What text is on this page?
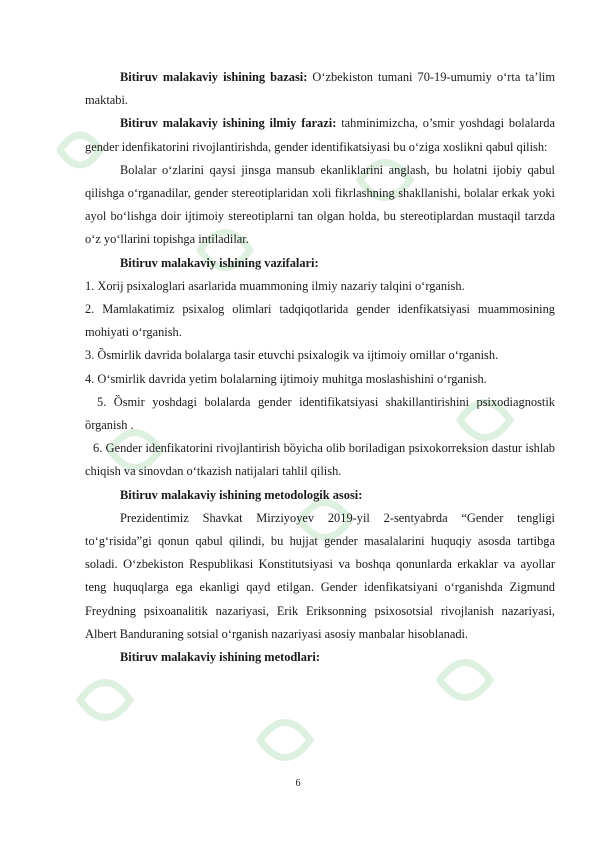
Bitiruv malakaviy ishining bazasi: O‘zbekiston tumani 70-19-umumiy o‘rta ta’lim maktabi.

Bitiruv malakaviy ishining ilmiy farazi: tahminimizcha, o’smir yoshdagi bolalarda gender idenfikatorini rivojlantirishda, gender identifikatsiyasi bu o‘ziga xoslikni qabul qilish:

Bolalar o‘zlarini qaysi jinsga mansub ekanliklarini anglash, bu holatni ijobiy qabul qilishga o‘rganadilar, gender stereotiplaridan xoli fikrlashning shakllanishi, bolalar erkak yoki ayol bo‘lishga doir ijtimoiy stereotiplarni tan olgan holda, bu stereotiplardan mustaqil tarzda o‘z yo‘llarini topishga intiladilar.

Bitiruv malakaviy ishining vazifalari:

1. Xorij psixaloglari asarlarida muammoning ilmiy nazariy talqini o‘rganish.

2. Mamlakatimiz psixalog olimlari tadqiqotlarida gender idenfikatsiyasi muammosining mohiyati o‘rganish.

3. Ȍsmirlik davrida bolalarga tasir etuvchi psixalogik va ijtimoiy omillar o‘rganish.

4. O‘smirlik davrida yetim bolalarning ijtimoiy muhitga moslashishini o‘rganish.

5. Ȍsmir yoshdagi bolalarda gender identifikatsiyasi shakillantirishini psixodiagnostik ȍrganish .

6. Gender idenfikatorini rivojlantirish bȍyicha olib boriladigan psixokorreksion dastur ishlab chiqish va sinovdan o‘tkazish natijalari tahlil qilish.

Bitiruv malakaviy ishining metodologik asosi:

Prezidentimiz Shavkat Mirziyoyev 2019-yil 2-sentyabrda “Gender tengligi to‘g‘risida”gi qonun qabul qilindi, bu hujjat gender masalalarini huquqiy asosda tartibga soladi. O‘zbekiston Respublikasi Konstitutsiyasi va boshqa qonunlarda erkaklar va ayollar teng huquqlarga ega ekanligi qayd etilgan. Gender idenfikatsiyani o‘rganishda Zigmund Freydning psixoanalitik nazariyasi, Erik Eriksonning psixosotsial rivojlanish nazariyasi, Albert Banduraning sotsial o‘rganish nazariyasi asosiy manbalar hisoblanadi.

Bitiruv malakaviy ishining metodlari:

6
